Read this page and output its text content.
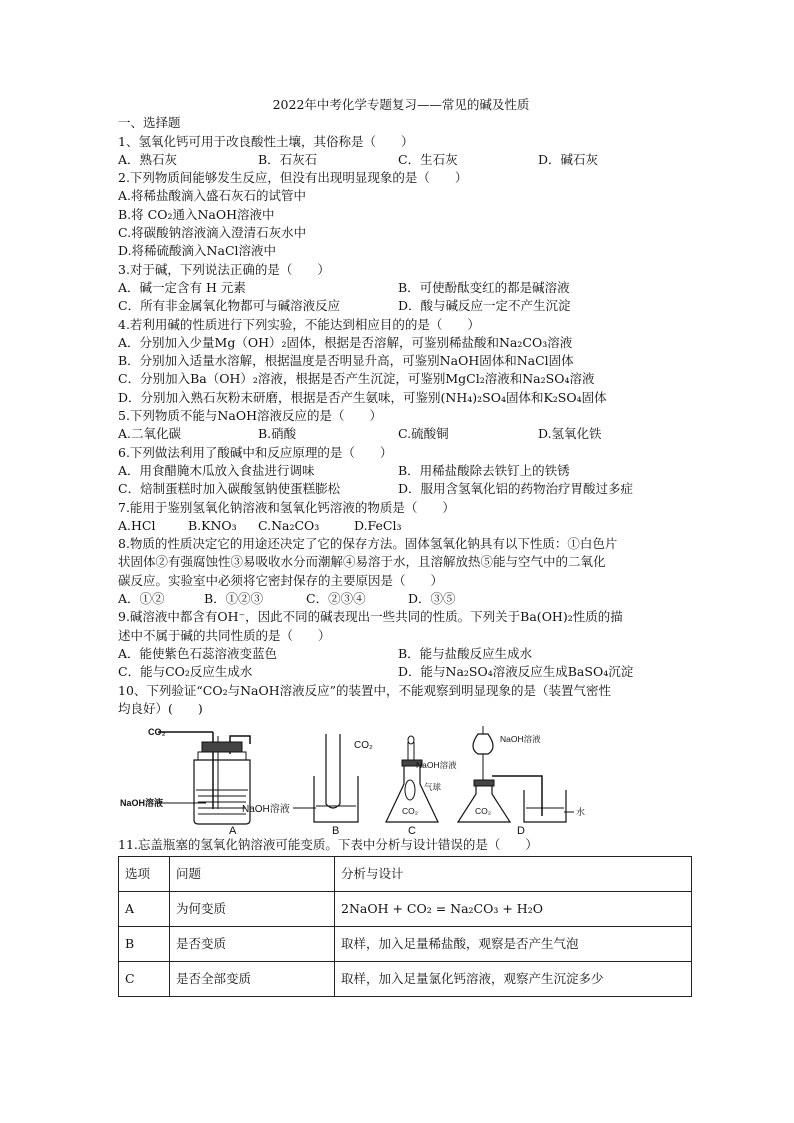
2022年中考化学专题复习——常见的碱及性质
一、选择题
1、氢氧化钙可用于改良酸性土壤，其俗称是（　　）
A．熟石灰	B．石灰石	C．生石灰	D．碱石灰
2.下列物质间能够发生反应，但没有出现明显现象的是（　　）
A.将稀盐酸滴入盛石灰石的试管中
B.将 CO₂通入NaOH溶液中
C.将碳酸钠溶液滴入澄清石灰水中
D.将稀硫酸滴入NaCl溶液中
3.对于碱，下列说法正确的是（　　）
A．碱一定含有 H 元素	B．可使酚酞变红的都是碱溶液
C．所有非金属氧化物都可与碱溶液反应	D．酸与碱反应一定不产生沉淀
4.若利用碱的性质进行下列实验，不能达到相应目的的是（　　）
A．分别加入少量Mg（OH）₂固体，根据是否溶解，可鉴别稀盐酸和Na₂CO₃溶液
B．分别加入适量水溶解，根据温度是否明显升高，可鉴别NaOH固体和NaCl固体
C．分别加入Ba（OH）₂溶液，根据是否产生沉淀，可鉴别MgCl₂溶液和Na₂SO₄溶液
D．分别加入熟石灰粉末研磨，根据是否产生氨味，可鉴别(NH₄)₂SO₄固体和K₂SO₄固体
5.下列物质不能与NaOH溶液反应的是（　　）
A.二氧化碳	B.硝酸	C.硫酸铜	D.氢氧化铁
6.下列做法利用了酸碱中和反应原理的是（　　）
A．用食醋腌木瓜放入食盐进行调味	B．用稀盐酸除去铁钉上的铁锈
C．焙制蛋糕时加入碳酸氢钠使蛋糕膨松	D．服用含氢氧化铝的药物治疗胃酸过多症
7.能用于鉴别氢氧化钠溶液和氢氧化钙溶液的物质是（　　）
A.HCl	B.KNO₃	C.Na₂CO₃	D.FeCl₃
8.物质的性质决定它的用途还决定了它的保存方法。固体氢氧化钠具有以下性质：①白色片
状固体②有强腐蚀性③易吸收水分而潮解④易溶于水，且溶解放热⑤能与空气中的二氧化
碳反应。实验室中必须将它密封保存的主要原因是（　　）
A．①②	B．①②③	C．②③④	D．③⑤
9.碱溶液中都含有OH⁻，因此不同的碱表现出一些共同的性质。下列关于Ba(OH)₂性质的描
述中不属于碱的共同性质的是（　　）
A．能使紫色石蕊溶液变蓝色	B．能与盐酸反应生成水
C．能与CO₂反应生成水	D．能与Na₂SO₄溶液反应生成BaSO₄沉淀
10、下列验证“CO₂与NaOH溶液反应”的装置中，不能观察到明显现象的是（装置气密性
均良好）(　　)
CO₂
NaOH溶液
A
CO₂
NaOH溶液
B
NaOH溶液
气球
CO₂
C
NaOH溶液
CO₂	水
D
11.忘盖瓶塞的氢氧化钠溶液可能变质。下表中分析与设计错误的是（　　）
选项	问题	分析与设计
A	为何变质	2NaOH + CO₂ = Na₂CO₃ + H₂O
B	是否变质	取样，加入足量稀盐酸，观察是否产生气泡
C	是否全部变质	取样，加入足量氯化钙溶液，观察产生沉淀多少
